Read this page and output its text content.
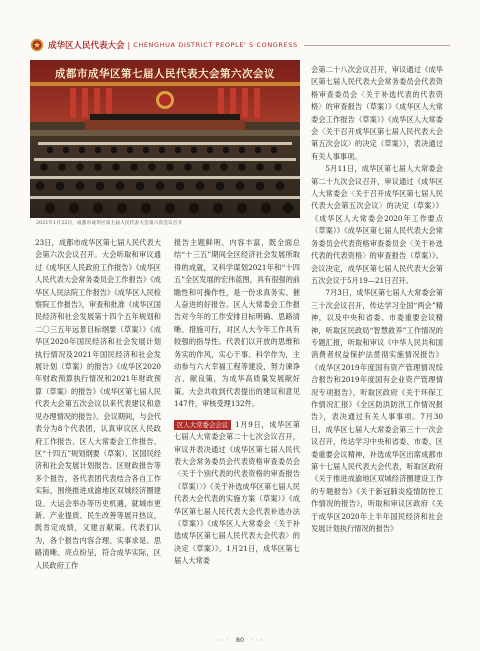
成华区人民代表大会 | CHENGHUA DISTRICT PEOPLE' S CONGRESS
成都市成华区第七届人民代表大会第六次会议
2021年1月22日，成都市成华区第七届人民代表大会第六次会议召开

23日，成都市成华区第七届人民代表大会第六次会议召开。大会听取和审议通过《成华区人民政府工作报告》《成华区人民代表大会常务委员会工作报告》《成华区人民法院工作报告》《成华区人民检察院工作报告》，审查和批准《成华区国民经济和社会发展第十四个五年规划和二〇三五年远景目标纲要（草案）》《成华区2020年国民经济和社会发展计划执行情况及2021年国民经济和社会发展计划（草案）的报告》《成华区2020年财政预算执行情况和2021年财政预算（草案）的报告》《成华区第七届人民代表大会第五次会议以来代表建议和意见办理情况的报告》。会议期间，与会代表分为8个代表团，认真审议区人民政府工作报告、区人大常委会工作报告、区“十四五”规划纲要（草案）、区国民经济和社会发展计划报告、区财政报告等多个报告，各代表团代表结合各自工作实际，围绕推进成渝地区双城经济圈建设、大运会举办等历史机遇，就城市更新、产业提质、民生改善等展开热议，既肯定成绩，又建言献策。代表们认为，各个报告内容合理、实事求是、思路清晰、亮点纷呈，符合成华实际，区人民政府工作

报告主题鲜明、内容丰富，既全面总结“十三五”期间全区经济社会发展所取得的成就，又科学谋划2021年和“十四五”全区发展的宏伟蓝图，具有很强的前瞻性和可操作性，是一份求真务实、催人奋进的好报告。区人大常委会工作报告对今年的工作安排目标明确、思路清晰、措施可行，对区人大今年工作具有较强的指导性。代表们以开放的思维和务实的作风，实心干事、科学作为，主动参与六大幸福工程等建设，努力谏诤言、献良策，为成华高质量发展献好策。大会共收到代表提出的建议和意见147件，审核受理132件。

区人大常委会会议 1月9日，成华区第七届人大常委会第二十七次会议召开，审议并表决通过《成华区第七届人民代表大会常务委员会代表资格审查委员会〈关于个别代表的代表资格的审查报告（草案）〉》《关于补选成华区第七届人民代表大会代表的实施方案（草案）》《成华区第七届人民代表大会代表补选办法（草案）》《成华区人大常委会〈关于补选成华区第七届人民代表大会代表〉的决定（草案）》。1月21日，成华区第七届人大常委

会第二十八次会议召开，审议通过《成华区第七届人民代表大会常务委员会代表资格审查委员会〈关于补选代表的代表资格〉的审查报告（草案）》《成华区人大常委会工作报告（草案）》《成华区人大常委会〈关于召开成华区第七届人民代表大会第五次会议〉的决定（草案）》，表决通过有关人事事项。

5月11日，成华区第七届人大常委会第二十九次会议召开，审议通过《成华区人大常委会〈关于召开成华区第七届人民代表大会第五次会议〉的决定（草案）》《成华区人大常委会2020年工作要点（草案）》《成华区第七届人民代表大会常务委员会代表资格审查委员会〈关于补选代表的代表资格〉的审查报告（草案）》。会议决定，成华区第七届人民代表大会第五次会议于5月19—21日召开。

7月3日，成华区第七届人大常委会第三十次会议召开，传达学习全国“两会”精神，以及中央和省委、市委重要会议精神，听取区民政局“智慧救养”工作情况的专题汇报，听取和审议《中华人民共和国消费者权益保护法贯彻实施情况报告》《成华区2019年度国有资产管理情况综合报告和2019年度国有企业资产管理情况专项报告》，听取区政府《关于环保工作情况汇报》《全区防洪防汛工作情况报告》，表决通过有关人事事项。7月30日，成华区七届人大常委会第三十一次会议召开，传达学习中央和省委、市委、区委重要会议精神，补选成华区出席成都市第十七届人民代表大会代表，听取区政府《关于推进成渝地区双城经济圈建设工作的专题报告》《关于新冠肺炎疫情防控工作情况的报告》，听取和审议区政府《关于成华区2020年上半年国民经济和社会发展计划执行情况的报告》

◦◦◦ 80 ◦◦◦
